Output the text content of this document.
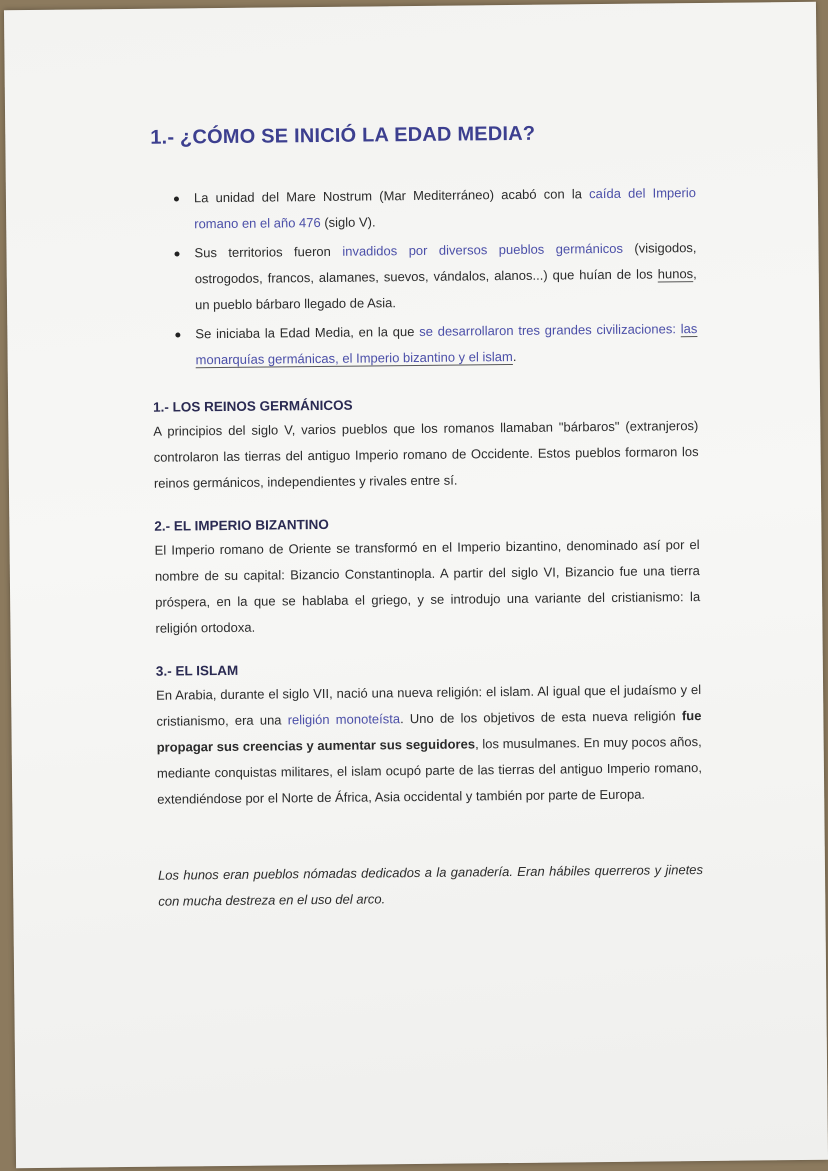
1.- ¿CÓMO SE INICIÓ LA EDAD MEDIA?
La unidad del Mare Nostrum (Mar Mediterráneo) acabó con la caída del Imperio romano en el año 476 (siglo V).
Sus territorios fueron invadidos por diversos pueblos germánicos (visigodos, ostrogodos, francos, alamanes, suevos, vándalos, alanos...) que huían de los hunos, un pueblo bárbaro llegado de Asia.
Se iniciaba la Edad Media, en la que se desarrollaron tres grandes civilizaciones: las monarquías germánicas, el Imperio bizantino y el islam.
1.- LOS REINOS GERMÁNICOS

A principios del siglo V, varios pueblos que los romanos llamaban "bárbaros" (extranjeros) controlaron las tierras del antiguo Imperio romano de Occidente. Estos pueblos formaron los reinos germánicos, independientes y rivales entre sí.

2.- EL IMPERIO BIZANTINO

El Imperio romano de Oriente se transformó en el Imperio bizantino, denominado así por el nombre de su capital: Bizancio Constantinopla. A partir del siglo VI, Bizancio fue una tierra próspera, en la que se hablaba el griego, y se introdujo una variante del cristianismo: la religión ortodoxa.

3.- EL ISLAM

En Arabia, durante el siglo VII, nació una nueva religión: el islam. Al igual que el judaísmo y el cristianismo, era una religión monoteísta. Uno de los objetivos de esta nueva religión fue propagar sus creencias y aumentar sus seguidores, los musulmanes. En muy pocos años, mediante conquistas militares, el islam ocupó parte de las tierras del antiguo Imperio romano, extendiéndose por el Norte de África, Asia occidental y también por parte de Europa.

Los hunos eran pueblos nómadas dedicados a la ganadería. Eran hábiles querreros y jinetes con mucha destreza en el uso del arco.
